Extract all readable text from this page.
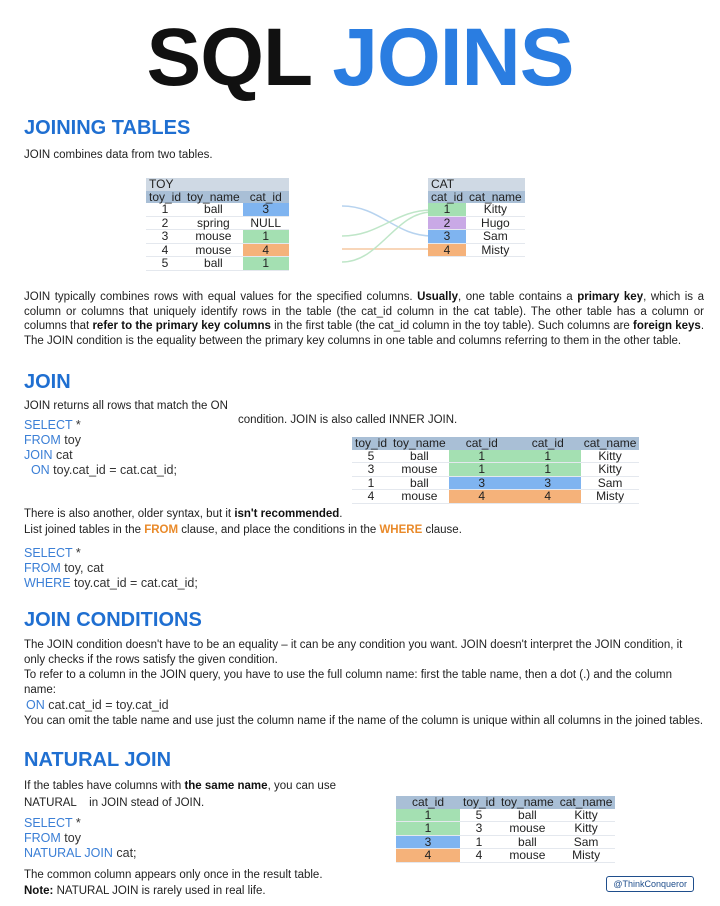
SQL JOINS
JOINING TABLES
JOIN combines data from two tables.
TOY		
toy_id	toy_name	cat_id
1	ball	3
2	spring	NULL
3	mouse	1
4	mouse	4
5	ball	1
CAT	
cat_id	cat_name
1	Kitty
2	Hugo
3	Sam
4	Misty
JOIN typically combines rows with equal values for the specified columns. Usually, one table contains a primary key, which is a column or columns that uniquely identify rows in the table (the cat_id column in the cat table). The other table has a column or columns that refer to the primary key columns in the first table (the cat_id column in the toy table). Such columns are foreign keys. The JOIN condition is the equality between the primary key columns in one table and columns referring to them in the other table.
JOIN
JOIN returns all rows that match the ON
condition. JOIN is also called INNER JOIN.
SELECT *
FROM toy
JOIN cat
ON toy.cat_id = cat.cat_id;
toy_id	toy_name	cat_id	cat_id	cat_name
5	ball	1	1	Kitty
3	mouse	1	1	Kitty
1	ball	3	3	Sam
4	mouse	4	4	Misty
There is also another, older syntax, but it isn't recommended.
List joined tables in the FROM clause, and place the conditions in the WHERE clause.
SELECT *
FROM toy, cat
WHERE toy.cat_id = cat.cat_id;
JOIN CONDITIONS
The JOIN condition doesn't have to be an equality – it can be any condition you want. JOIN doesn't interpret the JOIN condition, it only checks if the rows satisfy the given condition.
To refer to a column in the JOIN query, you have to use the full column name: first the table name, then a dot (.) and the column name:
ON cat.cat_id = toy.cat_id
You can omit the table name and use just the column name if the name of the column is unique within all columns in the joined tables.
NATURAL JOIN
If the tables have columns with the same name, you can use
NATURAL    in JOIN stead of JOIN.
SELECT *
FROM toy
NATURAL JOIN cat;
cat_id	toy_id	toy_name	cat_name
1	5	ball	Kitty
1	3	mouse	Kitty
3	1	ball	Sam
4	4	mouse	Misty
The common column appears only once in the result table.
Note: NATURAL JOIN is rarely used in real life.
@ThinkConqueror
